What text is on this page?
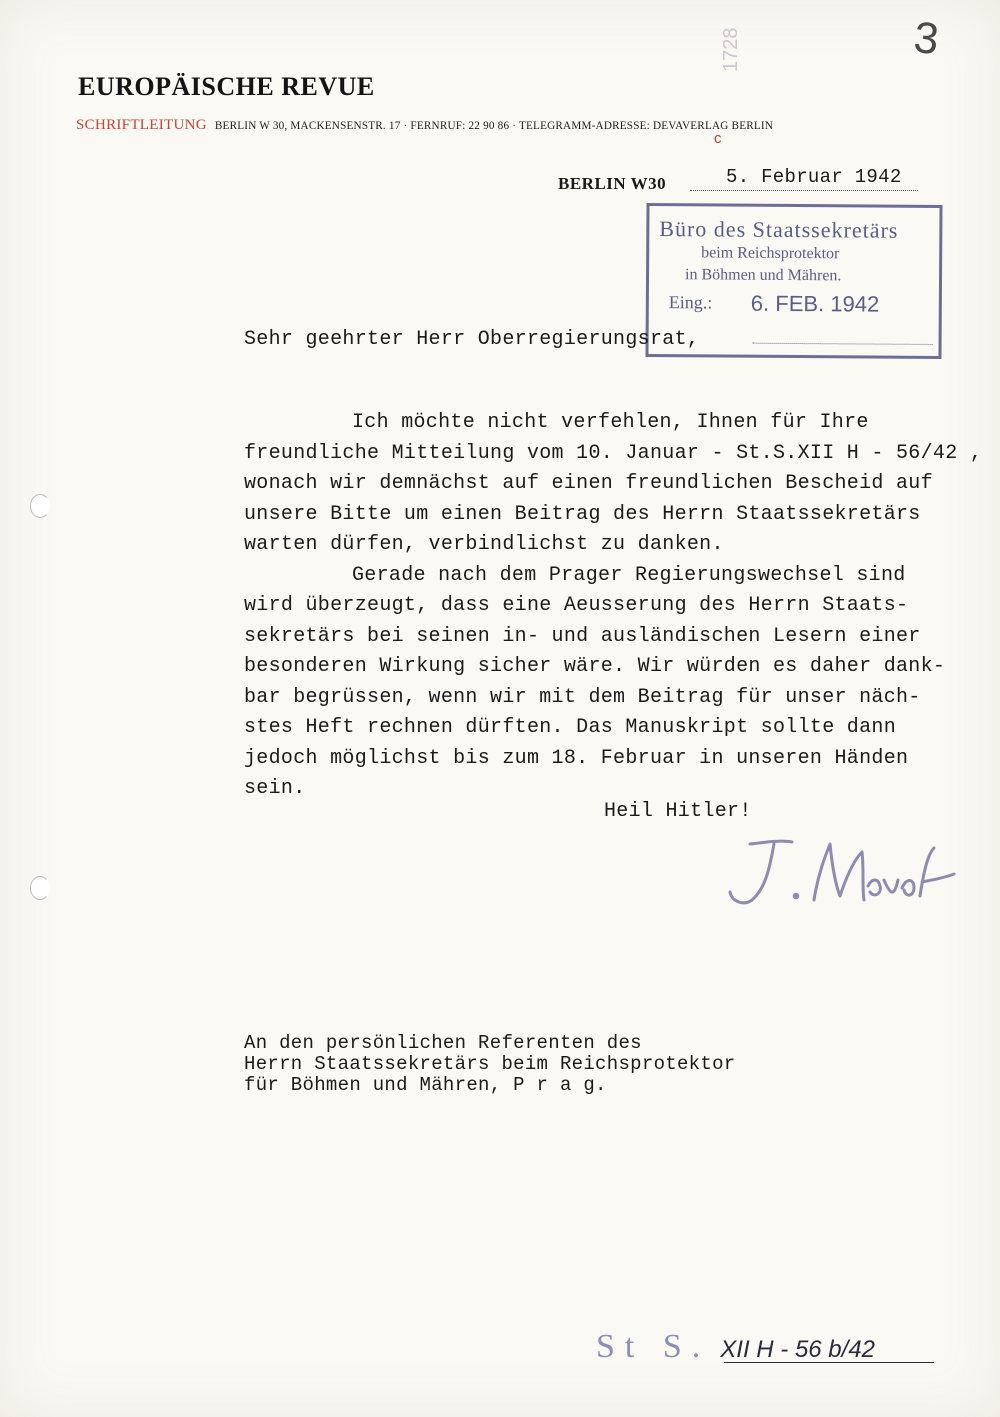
EUROPÄISCHE REVUE
SCHRIFTLEITUNG BERLIN W 30, MACKENSENSTR. 17 · FERNRUF: 22 90 86 · TELEGRAMM-ADRESSE: DEVAVERLAG BERLIN
3
1728
c
BERLIN W30	5. Februar 1942
Büro des Staatssekretärs
beim Reichsprotektor
in Böhmen und Mähren.
Eing.: 6. FEB. 1942
Sehr geehrter Herr Oberregierungsrat,
Ich möchte nicht verfehlen, Ihnen für Ihre
freundliche Mitteilung vom 10. Januar - St.S.XII H - 56/42 ,
wonach wir demnächst auf einen freundlichen Bescheid auf
unsere Bitte um einen Beitrag des Herrn Staatssekretärs
warten dürfen, verbindlichst zu danken.
Gerade nach dem Prager Regierungswechsel sind
wird überzeugt, dass eine Aeusserung des Herrn Staats-
sekretärs bei seinen in- und ausländischen Lesern einer
besonderen Wirkung sicher wäre. Wir würden es daher dank-
bar begrüssen, wenn wir mit dem Beitrag für unser näch-
stes Heft rechnen dürften. Das Manuskript sollte dann
jedoch möglichst bis zum 18. Februar in unseren Händen
sein.
Heil Hitler!
An den persönlichen Referenten des
Herrn Staatssekretärs beim Reichsprotektor
für Böhmen und Mähren, P r a g.
St S. XII H - 56 b/42
